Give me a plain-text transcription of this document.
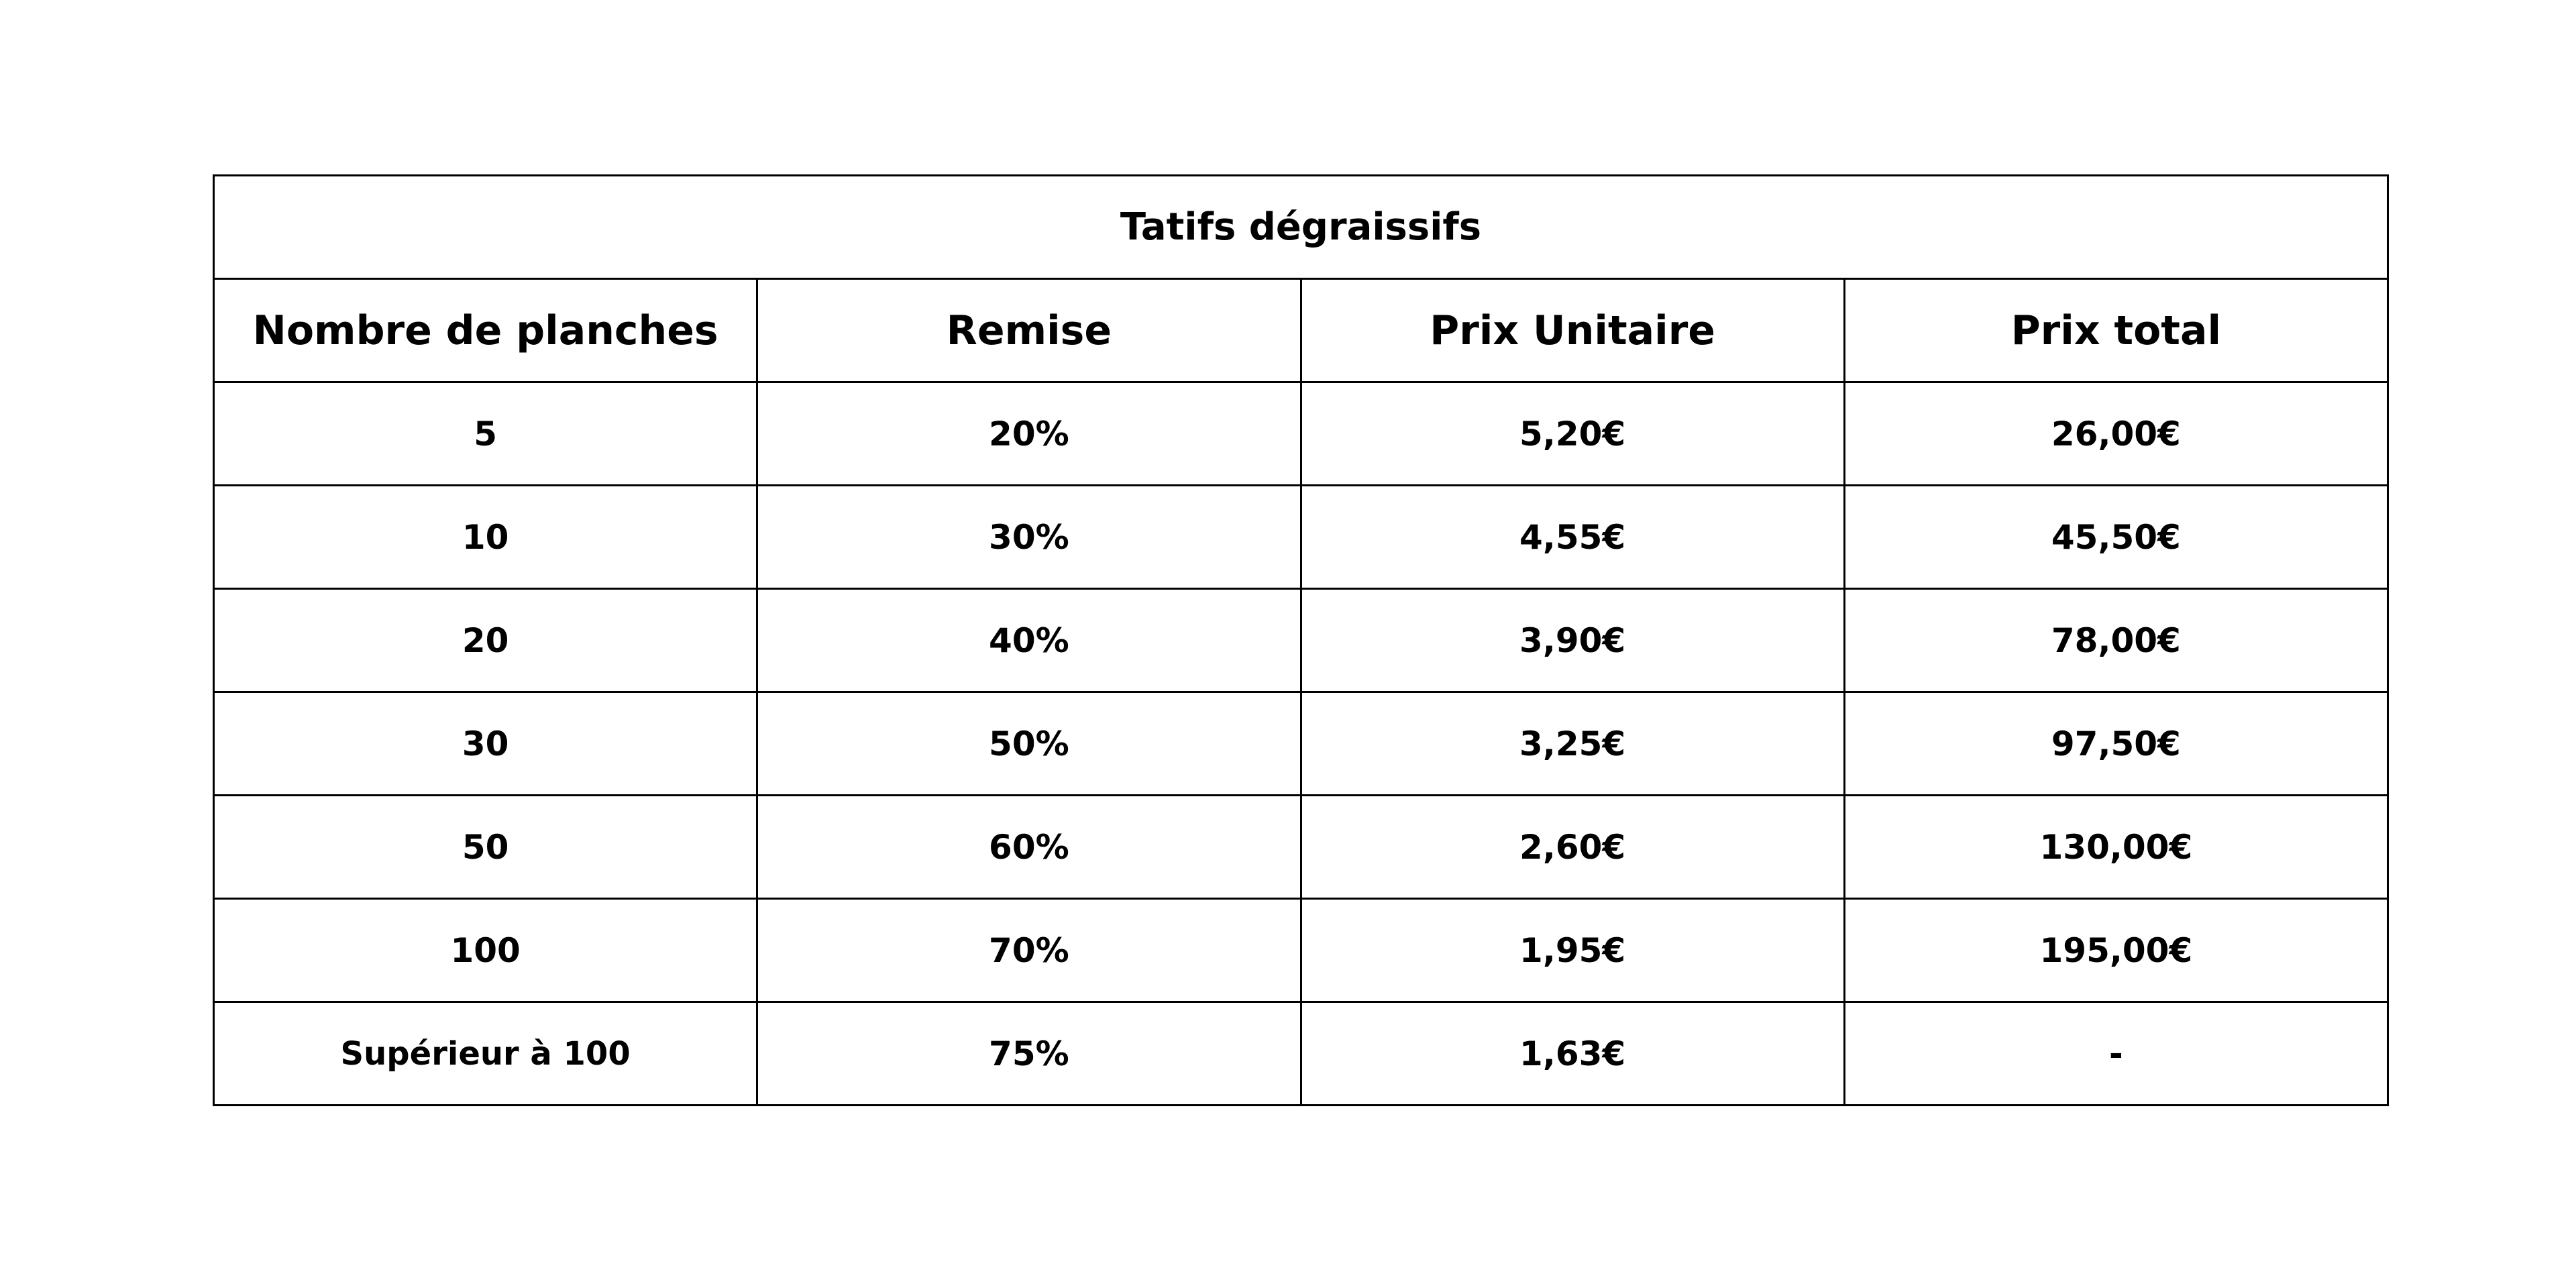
Tatifs dégraissifs			
Nombre de planches	Remise	Prix Unitaire	Prix total
5	20%	5,20€	26,00€
10	30%	4,55€	45,50€
20	40%	3,90€	78,00€
30	50%	3,25€	97,50€
50	60%	2,60€	130,00€
100	70%	1,95€	195,00€
Supérieur à 100	75%	1,63€	-
